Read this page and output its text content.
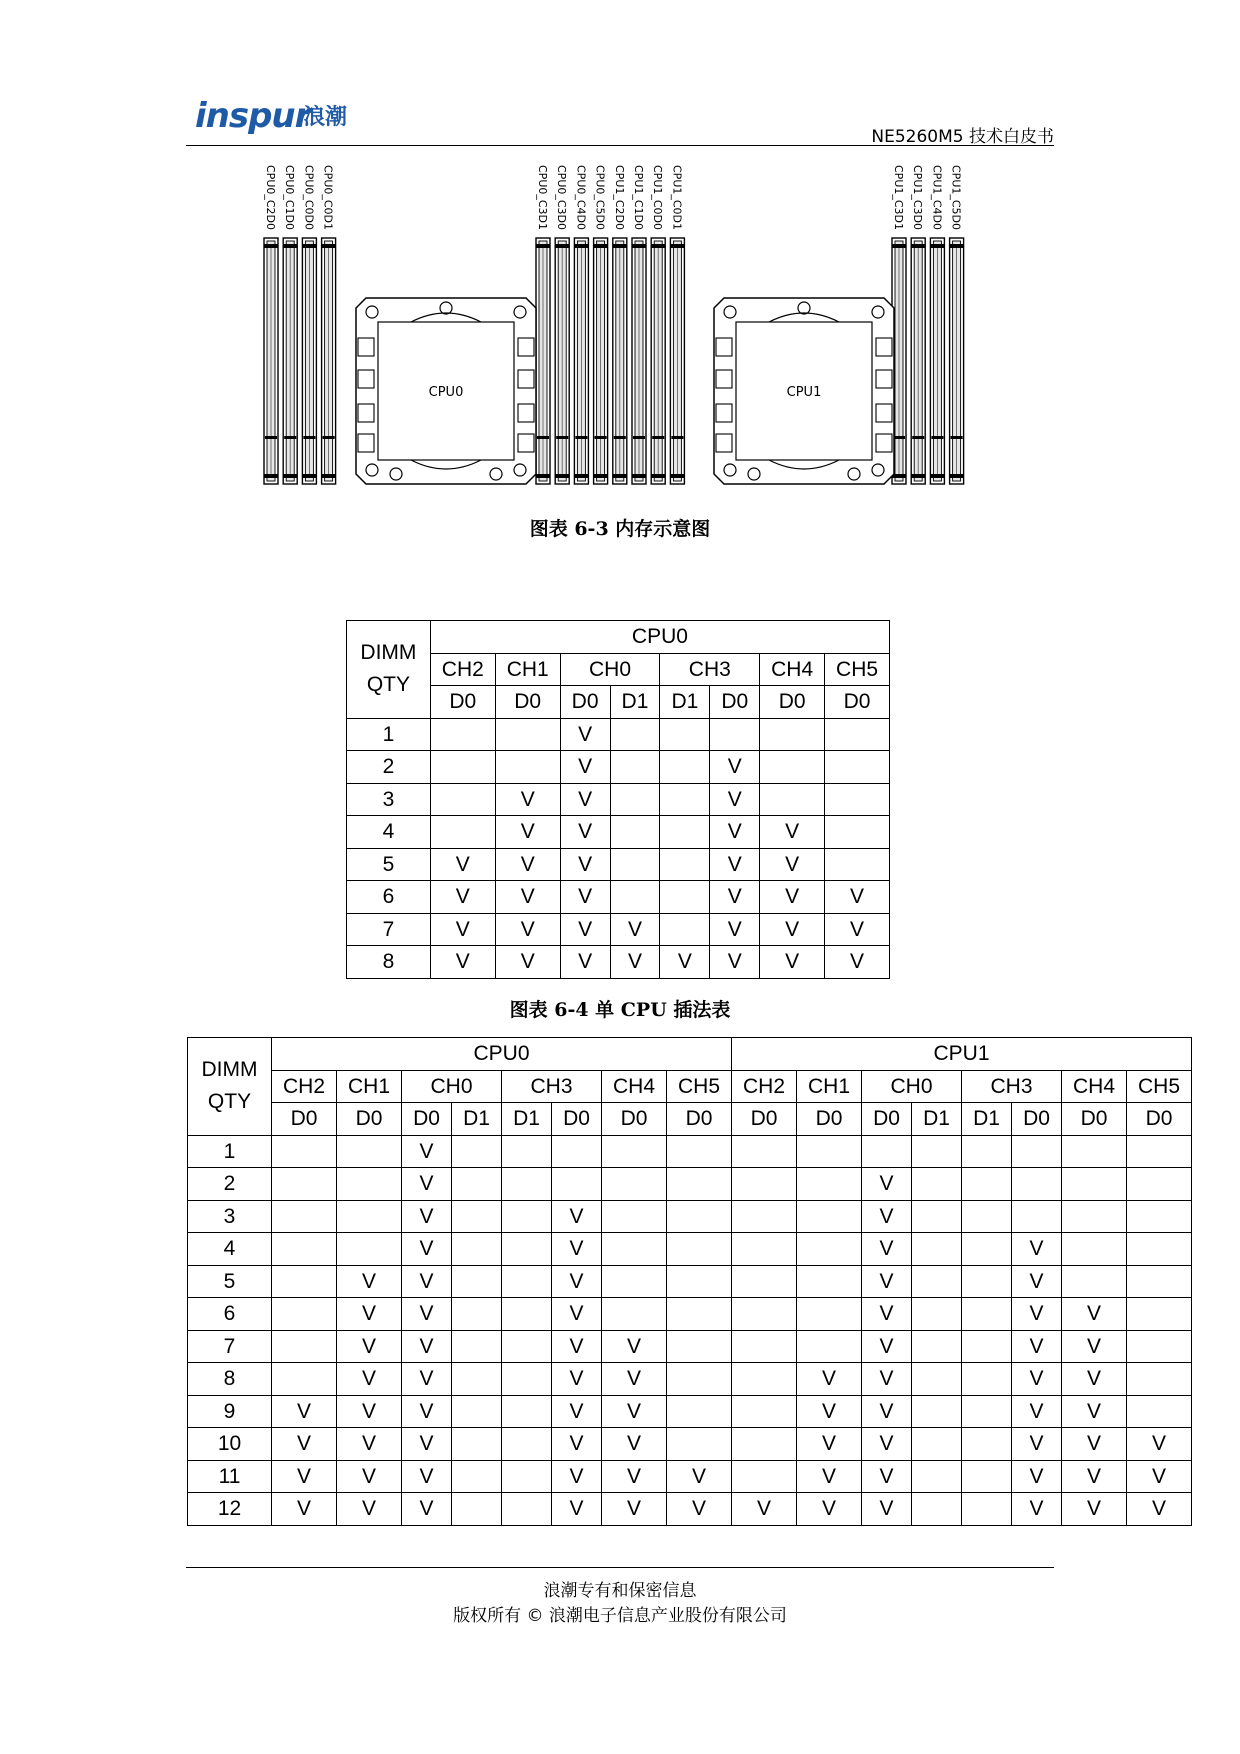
inspur
浪潮
NE5260M5 技术白皮书
CPU0_C2D0 CPU0_C1D0 CPU0_C0D0 CPU0_C0D1	CPU0_C3D1 CPU0_C3D0 CPU0_C4D0 CPU0_C5D0 CPU1_C2D0 CPU1_C1D0 CPU1_C0D0 CPU1_C0D1	CPU1_C3D1 CPU1_C3D0 CPU1_C4D0 CPU1_C5D0
CPU0	CPU1
图表 6-3 内存示意图
DIMM
QTY	CPU0							
	CH2	CH1	CH0		CH3		CH4	CH5
	D0	D0	D0	D1	D1	D0	D0	D0
1			V					
2			V			V		
3		V	V			V		
4		V	V			V	V	
5	V	V	V			V	V	
6	V	V	V			V	V	V
7	V	V	V	V		V	V	V
8	V	V	V	V	V	V	V	V
图表 6-4 单 CPU 插法表
DIMM
QTY	CPU0								CPU1							
	CH2	CH1	CH0		CH3		CH4	CH5	CH2	CH1	CH0		CH3		CH4	CH5
	D0	D0	D0	D1	D1	D0	D0	D0	D0	D0	D0	D1	D1	D0	D0	D0
1			V													
2			V								V					
3			V			V					V					
4			V			V					V			V		
5		V	V			V					V			V		
6		V	V			V					V			V	V	
7		V	V			V	V				V			V	V	
8		V	V			V	V			V	V			V	V	
9	V	V	V			V	V			V	V			V	V	
10	V	V	V			V	V			V	V			V	V	V
11	V	V	V			V	V	V		V	V			V	V	V
12	V	V	V			V	V	V	V	V	V			V	V	V
浪潮专有和保密信息
版权所有 © 浪潮电子信息产业股份有限公司
